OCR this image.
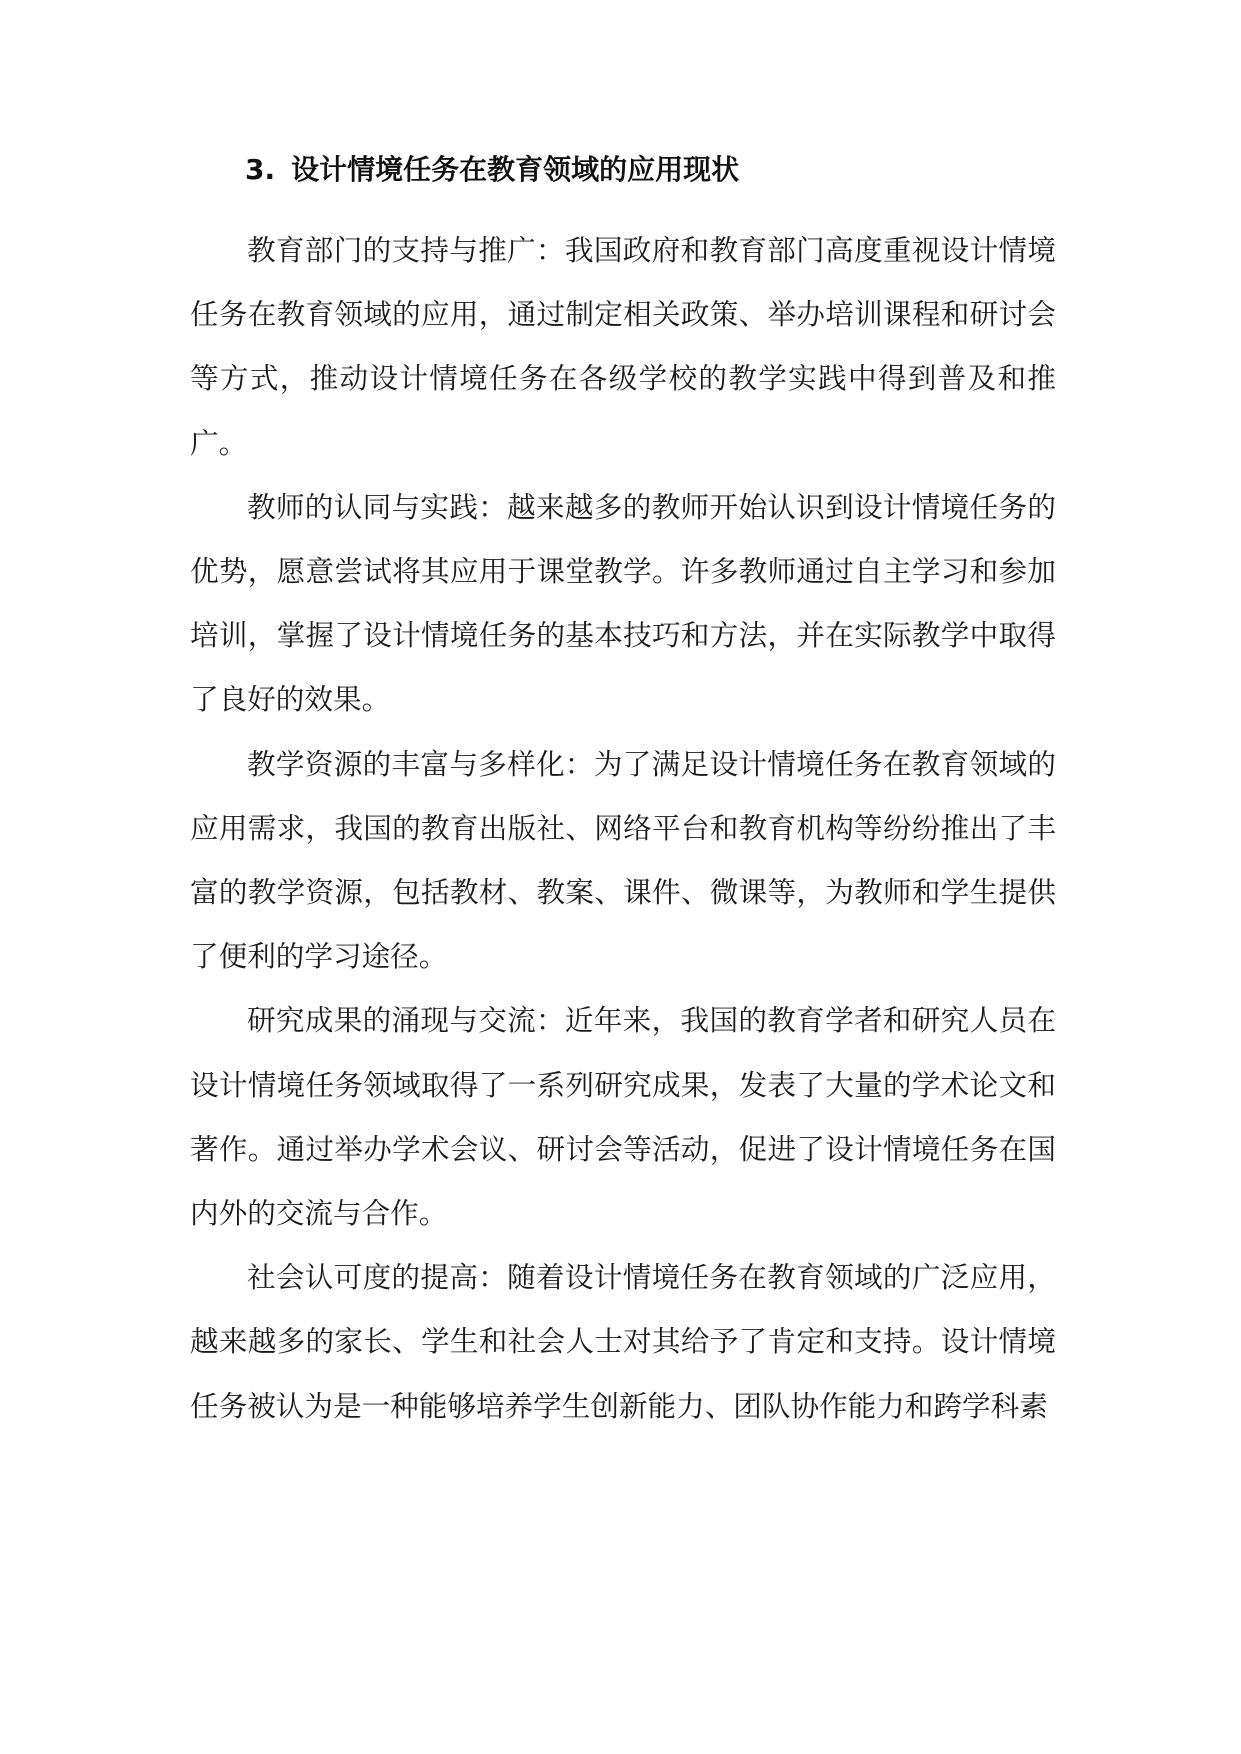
3. 设计情境任务在教育领域的应用现状

教育部门的支持与推广：我国政府和教育部门高度重视设计情境任务在教育领域的应用，通过制定相关政策、举办培训课程和研讨会等方式，推动设计情境任务在各级学校的教学实践中得到普及和推广。

教师的认同与实践：越来越多的教师开始认识到设计情境任务的优势，愿意尝试将其应用于课堂教学。许多教师通过自主学习和参加培训，掌握了设计情境任务的基本技巧和方法，并在实际教学中取得了良好的效果。

教学资源的丰富与多样化：为了满足设计情境任务在教育领域的应用需求，我国的教育出版社、网络平台和教育机构等纷纷推出了丰富的教学资源，包括教材、教案、课件、微课等，为教师和学生提供了便利的学习途径。

研究成果的涌现与交流：近年来，我国的教育学者和研究人员在设计情境任务领域取得了一系列研究成果，发表了大量的学术论文和著作。通过举办学术会议、研讨会等活动，促进了设计情境任务在国内外的交流与合作。

社会认可度的提高：随着设计情境任务在教育领域的广泛应用，越来越多的家长、学生和社会人士对其给予了肯定和支持。设计情境任务被认为是一种能够培养学生创新能力、团队协作能力和跨学科素
